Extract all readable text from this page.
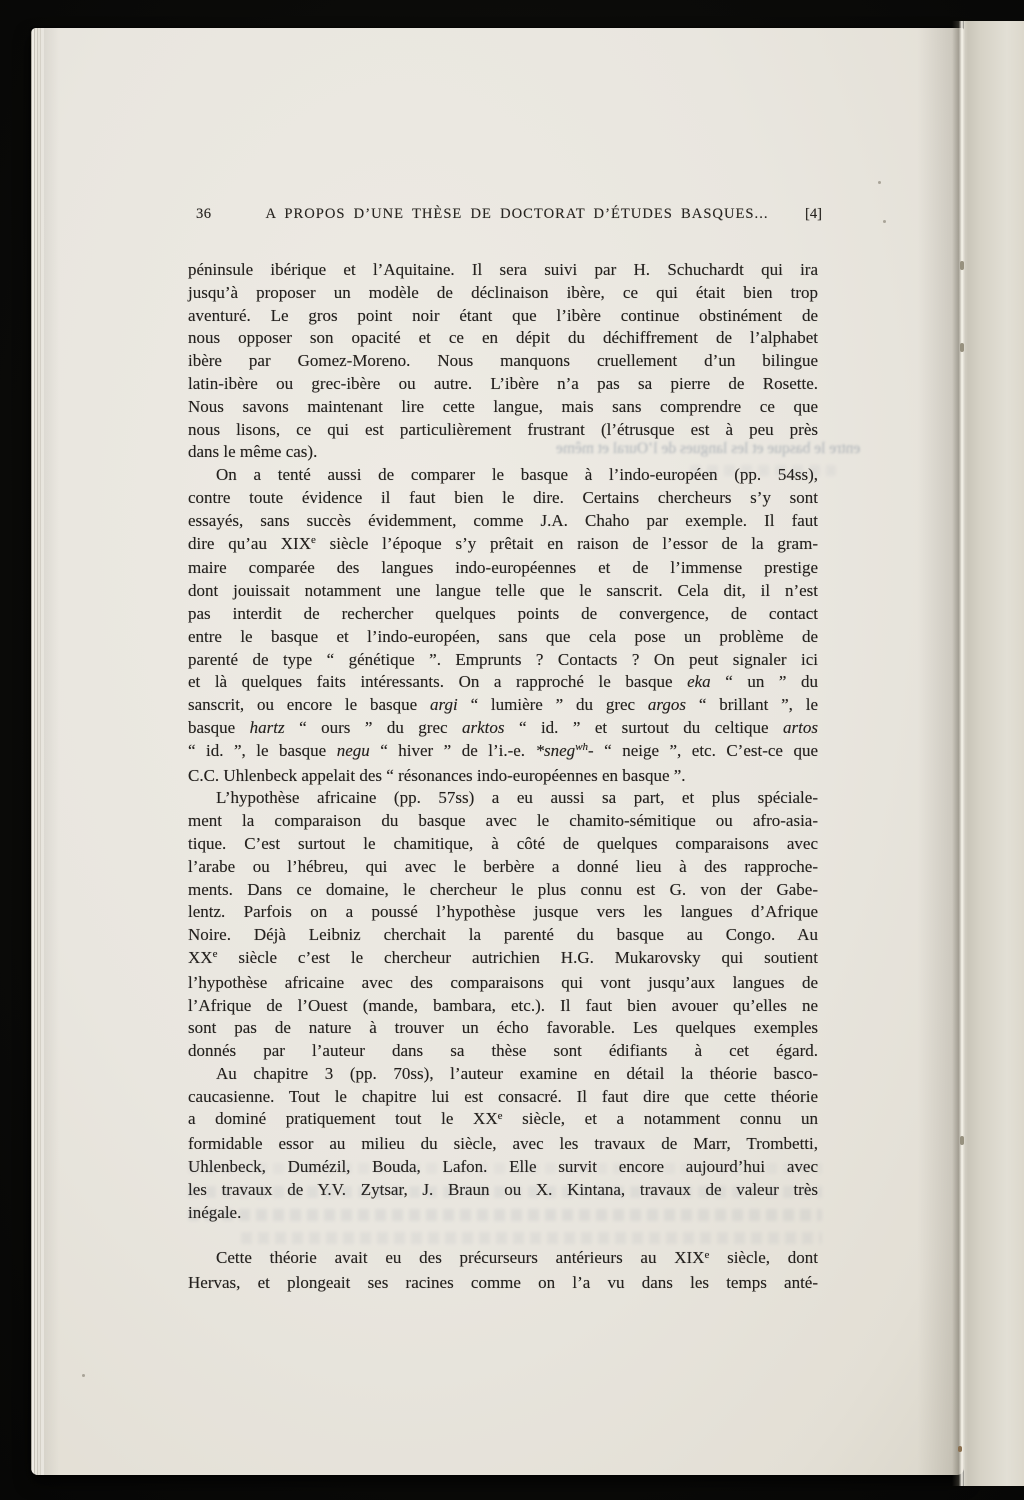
36	A PROPOS D’UNE THÈSE DE DOCTORAT D’ÉTUDES BASQUES...	[4]
péninsule ibérique et l’Aquitaine. Il sera suivi par H. Schuchardt qui ira
jusqu’à proposer un modèle de déclinaison ibère, ce qui était bien trop
aventuré. Le gros point noir étant que l’ibère continue obstinément de
nous opposer son opacité et ce en dépit du déchiffrement de l’alphabet
ibère par Gomez-Moreno. Nous manquons cruellement d’un bilingue
latin-ibère ou grec-ibère ou autre. L’ibère n’a pas sa pierre de Rosette.
Nous savons maintenant lire cette langue, mais sans comprendre ce que
nous lisons, ce qui est particulièrement frustrant (l’étrusque est à peu près
dans le même cas).
On a tenté aussi de comparer le basque à l’indo-européen (pp. 54ss),
contre toute évidence il faut bien le dire. Certains chercheurs s’y sont
essayés, sans succès évidemment, comme J.A. Chaho par exemple. Il faut
dire qu’au XIXe siècle l’époque s’y prêtait en raison de l’essor de la gram-
maire comparée des langues indo-européennes et de l’immense prestige
dont jouissait notamment une langue telle que le sanscrit. Cela dit, il n’est
pas interdit de rechercher quelques points de convergence, de contact
entre le basque et l’indo-européen, sans que cela pose un problème de
parenté de type “ génétique ”. Emprunts ? Contacts ? On peut signaler ici
et là quelques faits intéressants. On a rapproché le basque eka “ un ” du
sanscrit, ou encore le basque argi “ lumière ” du grec argos “ brillant ”, le
basque hartz “ ours ” du grec arktos “ id. ” et surtout du celtique artos
“ id. ”, le basque negu “ hiver ” de l’i.-e. *sneg$^{wh}$- “ neige ”, etc. C’est-ce que
C.C. Uhlenbeck appelait des “ résonances indo-européennes en basque ”.
L’hypothèse africaine (pp. 57ss) a eu aussi sa part, et plus spéciale-
ment la comparaison du basque avec le chamito-sémitique ou afro-asia-
tique. C’est surtout le chamitique, à côté de quelques comparaisons avec
l’arabe ou l’hébreu, qui avec le berbère a donné lieu à des rapproche-
ments. Dans ce domaine, le chercheur le plus connu est G. von der Gabe-
lentz. Parfois on a poussé l’hypothèse jusque vers les langues d’Afrique
Noire. Déjà Leibniz cherchait la parenté du basque au Congo. Au
XXe siècle c’est le chercheur autrichien H.G. Mukarovsky qui soutient
l’hypothèse africaine avec des comparaisons qui vont jusqu’aux langues de
l’Afrique de l’Ouest (mande, bambara, etc.). Il faut bien avouer qu’elles ne
sont pas de nature à trouver un écho favorable. Les quelques exemples
donnés par l’auteur dans sa thèse sont édifiants à cet égard.
Au chapitre 3 (pp. 70ss), l’auteur examine en détail la théorie basco-
caucasienne. Tout le chapitre lui est consacré. Il faut dire que cette théorie
a dominé pratiquement tout le XXe siècle, et a notamment connu un
formidable essor au milieu du siècle, avec les travaux de Marr, Trombetti,
Uhlenbeck, Dumézil, Bouda, Lafon. Elle survit encore aujourd’hui avec
les travaux de Y.V. Zytsar, J. Braun ou X. Kintana, travaux de valeur très
inégale.
Cette théorie avait eu des précurseurs antérieurs au XIXe siècle, dont
Hervas, et plongeait ses racines comme on l’a vu dans les temps anté-
entre le basque et les langues de l’Oural et même
